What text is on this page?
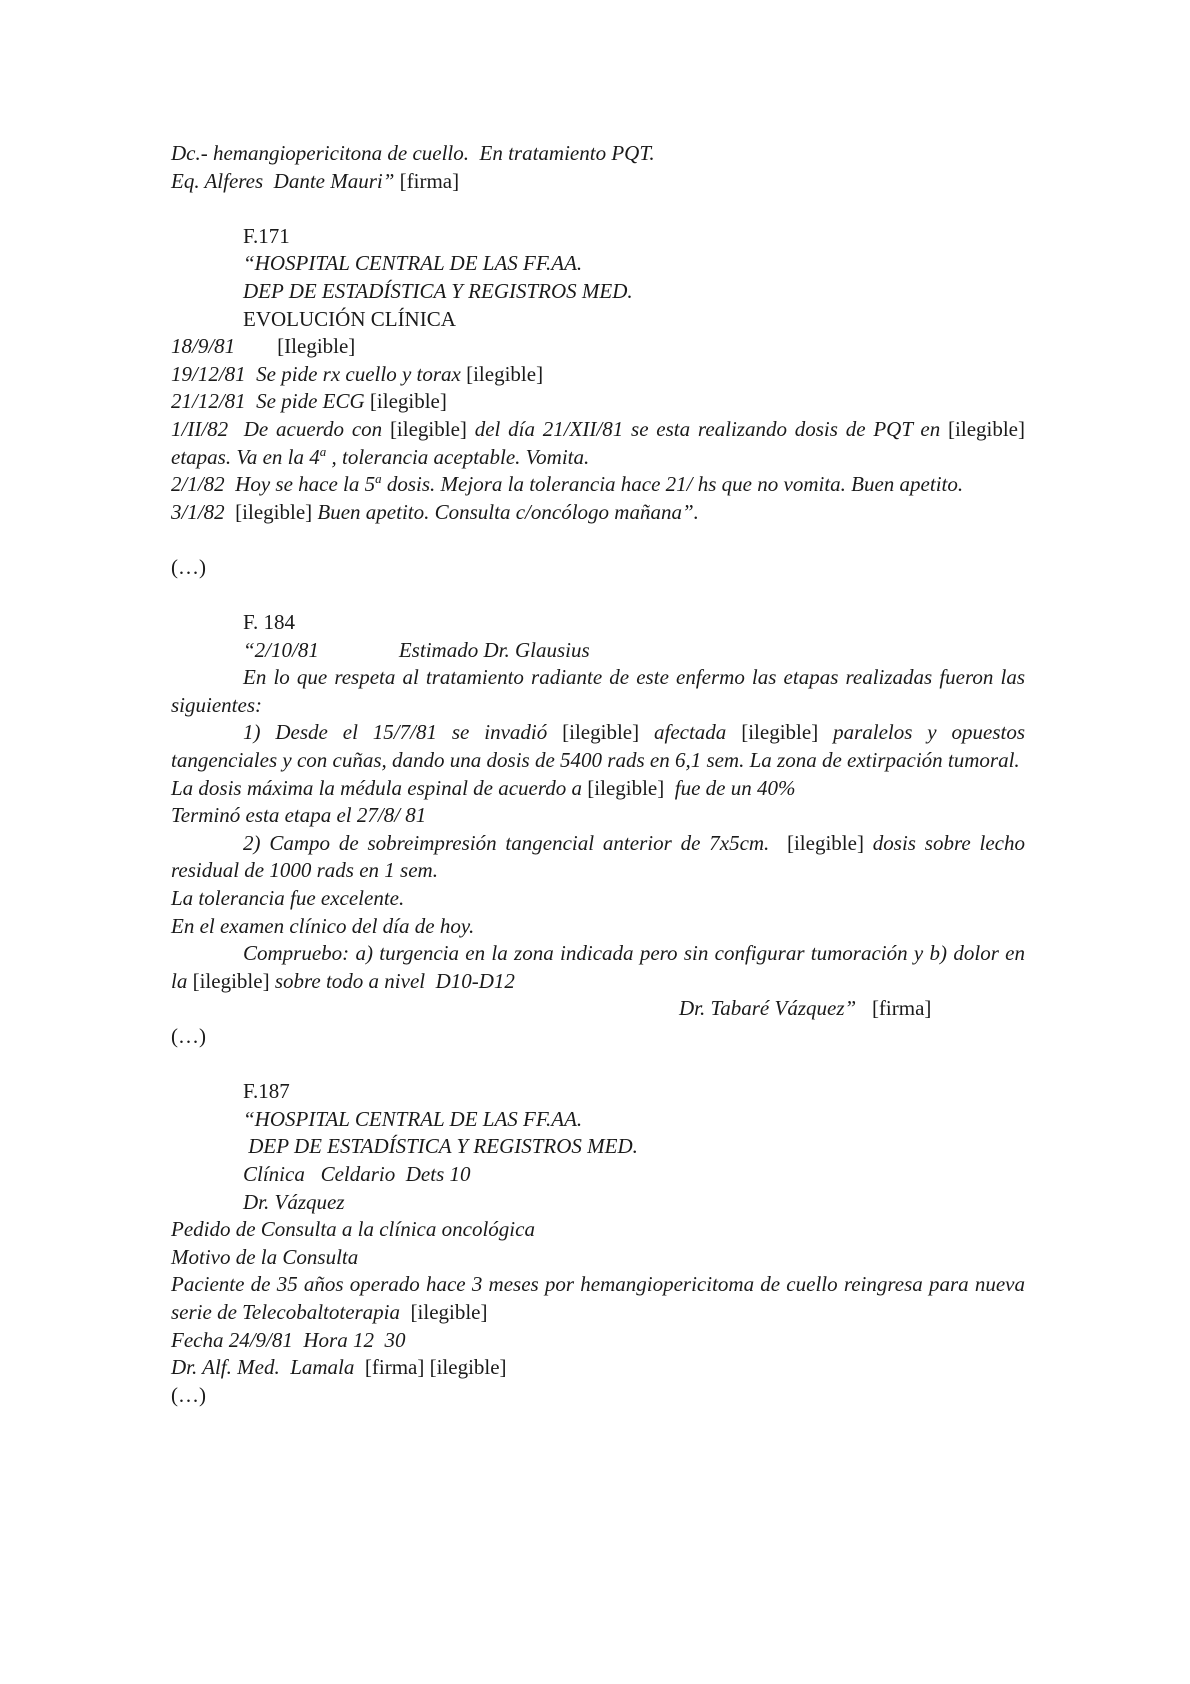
Dc.- hemangiopericitona de cuello.  En tratamiento PQT.
Eq. Alferes  Dante Mauri” [firma]
F.171
“HOSPITAL CENTRAL DE LAS FF.AA.
DEP DE ESTADÍSTICA Y REGISTROS MED.
EVOLUCIÓN CLÍNICA
18/9/81 [Ilegible]
19/12/81  Se pide rx cuello y torax [ilegible]
21/12/81  Se pide ECG [ilegible]
1/II/82  De acuerdo con [ilegible] del día 21/XII/81 se esta realizando dosis de PQT en [ilegible] etapas. Va en la 4$^a$ , tolerancia aceptable. Vomita.
2/1/82  Hoy se hace la 5$^a$ dosis. Mejora la tolerancia hace 21/ hs que no vomita. Buen apetito.
3/1/82  [ilegible] Buen apetito. Consulta c/oncólogo mañana”.
(…)
F. 184
“2/10/81	Estimado Dr. Glausius
En lo que respeta al tratamiento radiante de este enfermo las etapas realizadas fueron las siguientes:
1) Desde el 15/7/81 se invadió [ilegible] afectada [ilegible] paralelos y opuestos tangenciales y con cuñas, dando una dosis de 5400 rads en 6,1 sem. La zona de extirpación tumoral.
La dosis máxima la médula espinal de acuerdo a [ilegible]  fue de un 40%
Terminó esta etapa el 27/8/ 81
2) Campo de sobreimpresión tangencial anterior de 7x5cm.  [ilegible] dosis sobre lecho residual de 1000 rads en 1 sem.
La tolerancia fue excelente.
En el examen clínico del día de hoy.
Compruebo: a) turgencia en la zona indicada pero sin configurar tumoración y b) dolor en la [ilegible] sobre todo a nivel  D10-D12
Dr. Tabaré Vázquez”   [firma]
(…)
F.187
“HOSPITAL CENTRAL DE LAS FF.AA.
DEP DE ESTADÍSTICA Y REGISTROS MED.
Clínica   Celdario  Dets 10
Dr. Vázquez
Pedido de Consulta a la clínica oncológica
Motivo de la Consulta
Paciente de 35 años operado hace 3 meses por hemangiopericitoma de cuello reingresa para nueva serie de Telecobaltoterapia  [ilegible]
Fecha 24/9/81  Hora 12  30
Dr. Alf. Med.  Lamala  [firma] [ilegible]
(…)
